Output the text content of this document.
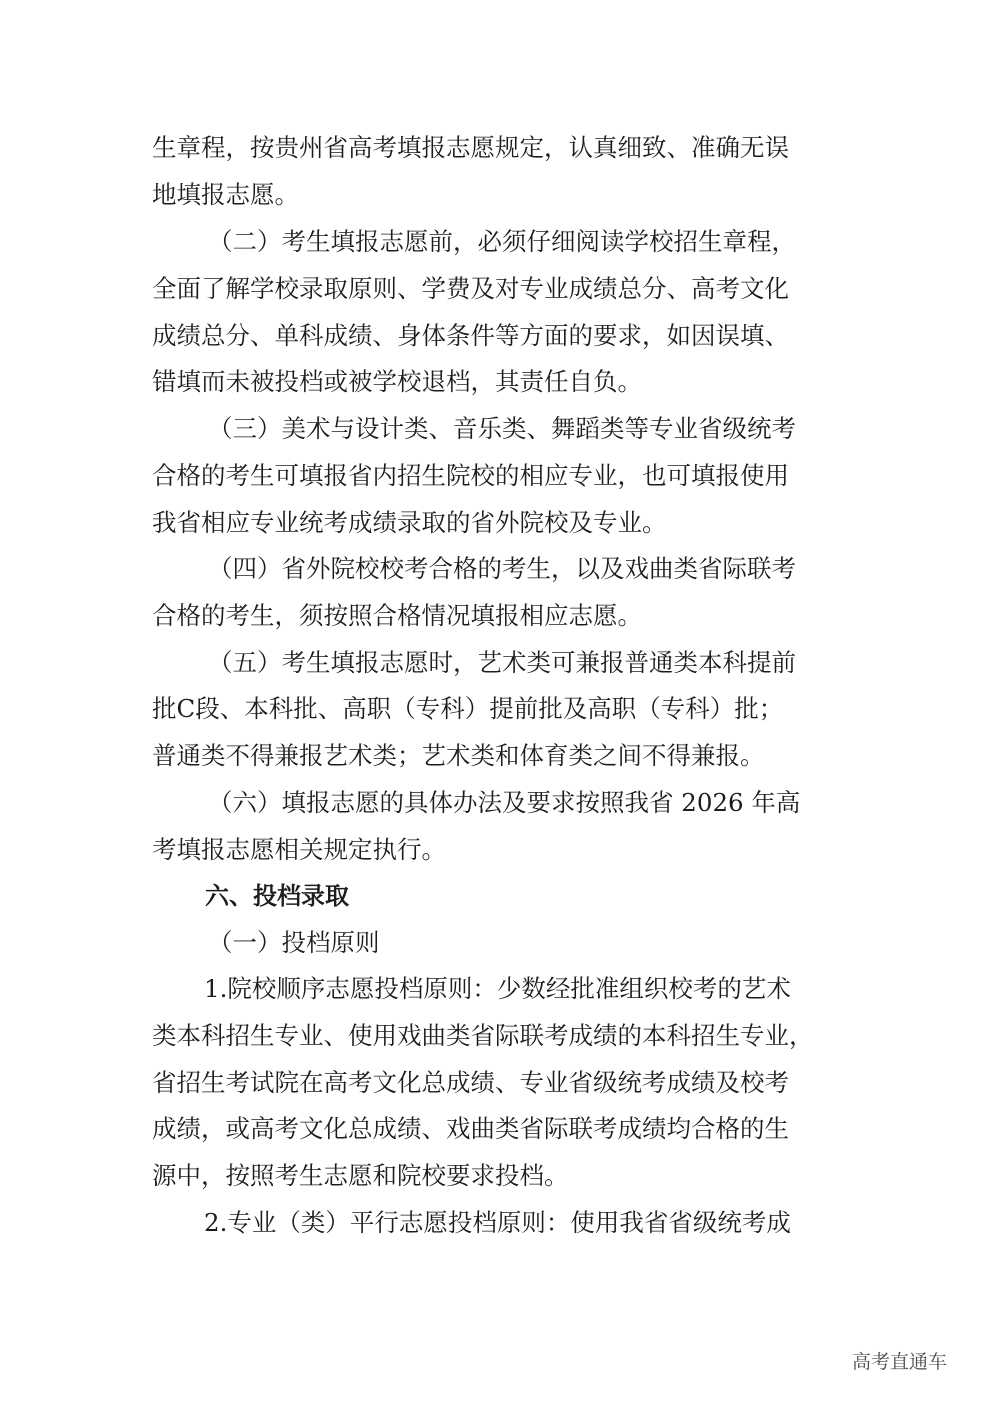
生章程，按贵州省高考填报志愿规定，认真细致、准确无误
地填报志愿。
（二）考生填报志愿前，必须仔细阅读学校招生章程，
全面了解学校录取原则、学费及对专业成绩总分、高考文化
成绩总分、单科成绩、身体条件等方面的要求，如因误填、
错填而未被投档或被学校退档，其责任自负。
（三）美术与设计类、音乐类、舞蹈类等专业省级统考
合格的考生可填报省内招生院校的相应专业，也可填报使用
我省相应专业统考成绩录取的省外院校及专业。
（四）省外院校校考合格的考生，以及戏曲类省际联考
合格的考生，须按照合格情况填报相应志愿。
（五）考生填报志愿时，艺术类可兼报普通类本科提前
批C段、本科批、高职（专科）提前批及高职（专科）批；
普通类不得兼报艺术类；艺术类和体育类之间不得兼报。
（六）填报志愿的具体办法及要求按照我省 2026 年高
考填报志愿相关规定执行。
六、投档录取
（一）投档原则
1.院校顺序志愿投档原则：少数经批准组织校考的艺术
类本科招生专业、使用戏曲类省际联考成绩的本科招生专业，
省招生考试院在高考文化总成绩、专业省级统考成绩及校考
成绩，或高考文化总成绩、戏曲类省际联考成绩均合格的生
源中，按照考生志愿和院校要求投档。
2.专业（类）平行志愿投档原则：使用我省省级统考成
高考直通车
